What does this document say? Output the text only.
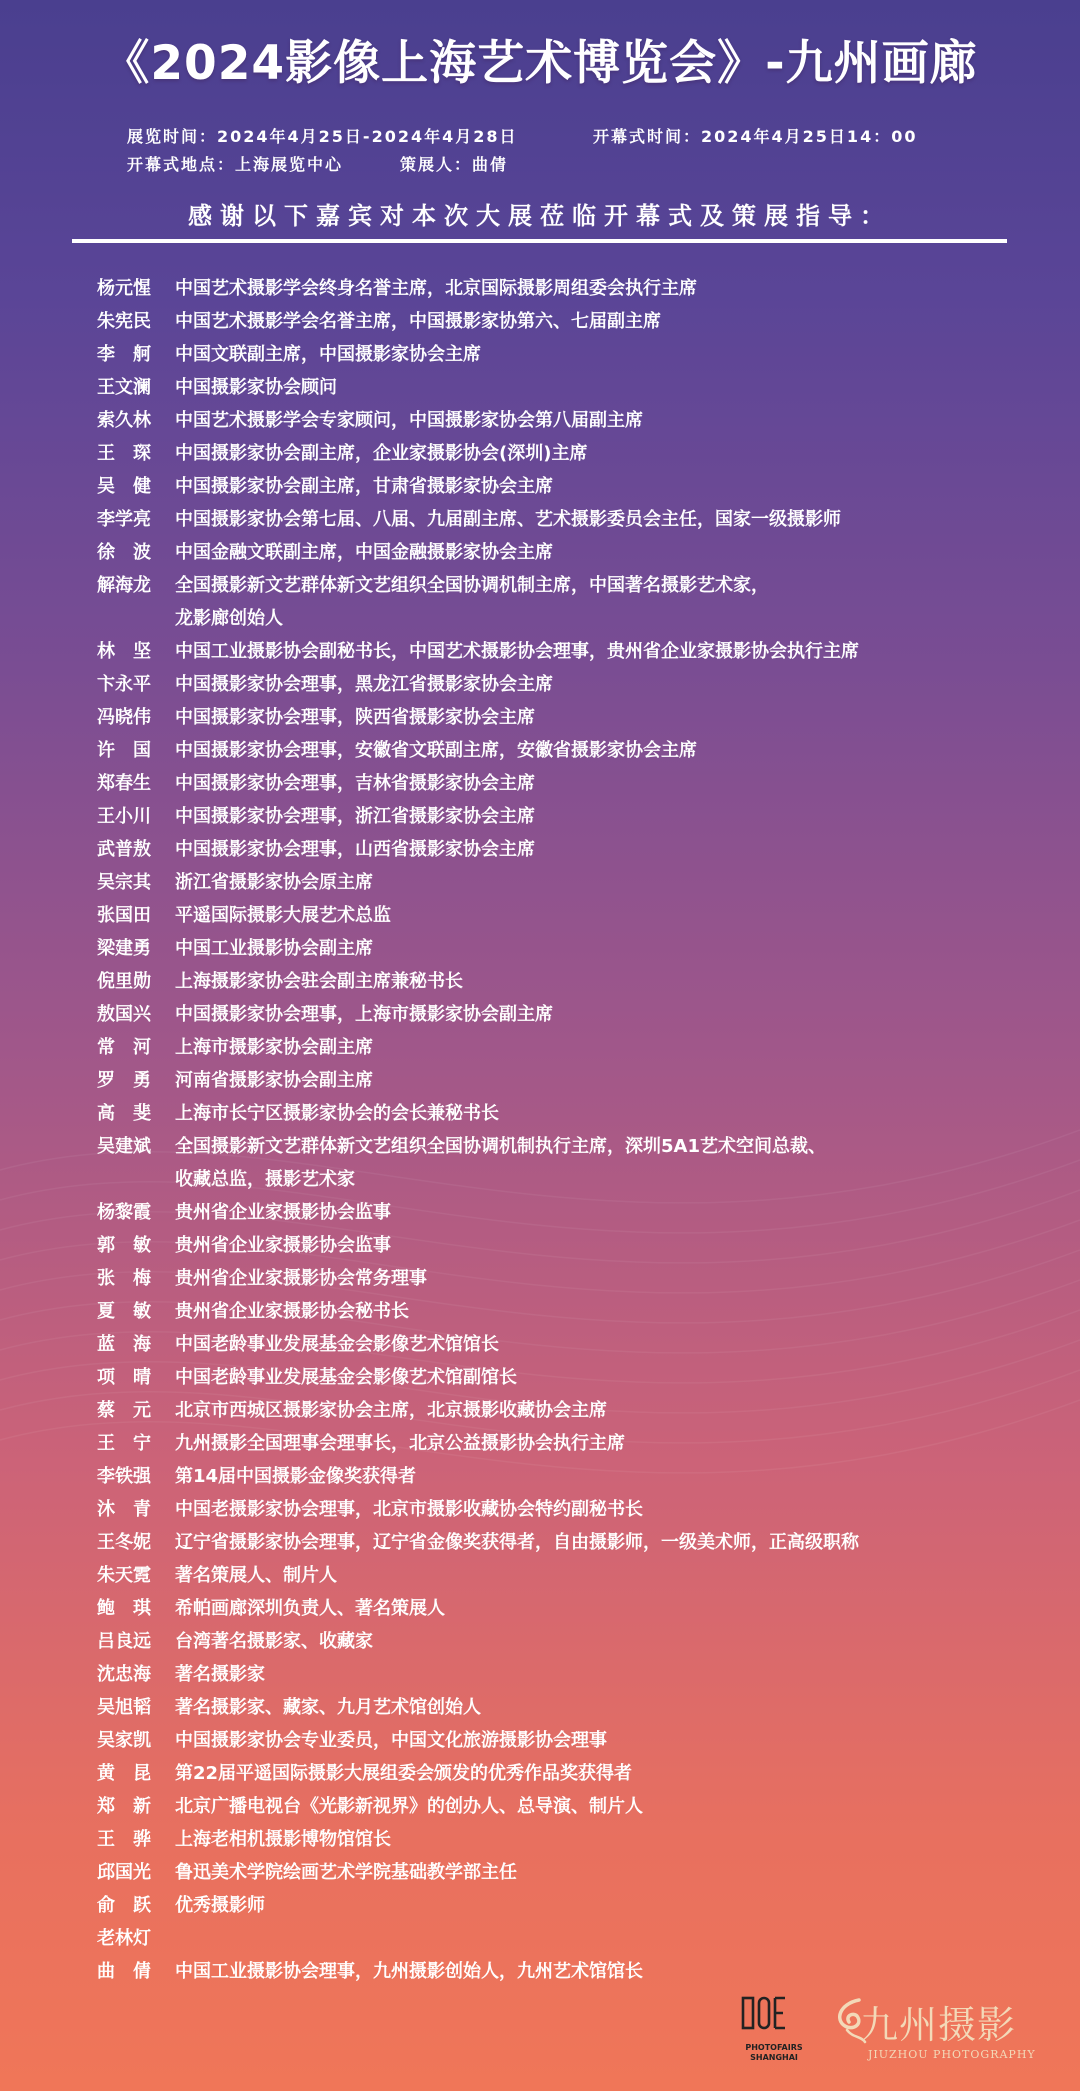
《2024影像上海艺术博览会》-九州画廊
展览时间：2024年4月25日-2024年4月28日	开幕式时间：2024年4月25日14：00
开幕式地点：上海展览中心	策展人：曲倩
感谢以下嘉宾对本次大展莅临开幕式及策展指导：
杨元惺	中国艺术摄影学会终身名誉主席，北京国际摄影周组委会执行主席
朱宪民	中国艺术摄影学会名誉主席，中国摄影家协第六、七届副主席
李　舸	中国文联副主席，中国摄影家协会主席
王文澜	中国摄影家协会顾问
索久林	中国艺术摄影学会专家顾问，中国摄影家协会第八届副主席
王　琛	中国摄影家协会副主席，企业家摄影协会(深圳)主席
吴　健	中国摄影家协会副主席，甘肃省摄影家协会主席
李学亮	中国摄影家协会第七届、八届、九届副主席、艺术摄影委员会主任，国家一级摄影师
徐　波	中国金融文联副主席，中国金融摄影家协会主席
解海龙	全国摄影新文艺群体新文艺组织全国协调机制主席，中国著名摄影艺术家，
龙影廊创始人
林　坚	中国工业摄影协会副秘书长，中国艺术摄影协会理事，贵州省企业家摄影协会执行主席
卞永平	中国摄影家协会理事，黑龙江省摄影家协会主席
冯晓伟	中国摄影家协会理事，陕西省摄影家协会主席
许　国	中国摄影家协会理事，安徽省文联副主席，安徽省摄影家协会主席
郑春生	中国摄影家协会理事，吉林省摄影家协会主席
王小川	中国摄影家协会理事，浙江省摄影家协会主席
武普敖	中国摄影家协会理事，山西省摄影家协会主席
吴宗其	浙江省摄影家协会原主席
张国田	平遥国际摄影大展艺术总监
梁建勇	中国工业摄影协会副主席
倪里勋	上海摄影家协会驻会副主席兼秘书长
敖国兴	中国摄影家协会理事，上海市摄影家协会副主席
常　河	上海市摄影家协会副主席
罗　勇	河南省摄影家协会副主席
高　斐	上海市长宁区摄影家协会的会长兼秘书长
吴建斌	全国摄影新文艺群体新文艺组织全国协调机制执行主席，深圳5A1艺术空间总裁、
收藏总监，摄影艺术家
杨黎霞	贵州省企业家摄影协会监事
郭　敏	贵州省企业家摄影协会监事
张　梅	贵州省企业家摄影协会常务理事
夏　敏	贵州省企业家摄影协会秘书长
蓝　海	中国老龄事业发展基金会影像艺术馆馆长
项　晴	中国老龄事业发展基金会影像艺术馆副馆长
蔡　元	北京市西城区摄影家协会主席，北京摄影收藏协会主席
王　宁	九州摄影全国理事会理事长，北京公益摄影协会执行主席
李铁强	第14届中国摄影金像奖获得者
沐　青	中国老摄影家协会理事，北京市摄影收藏协会特约副秘书长
王冬妮	辽宁省摄影家协会理事，辽宁省金像奖获得者，自由摄影师，一级美术师，正高级职称
朱天霓	著名策展人、制片人
鲍　琪	希帕画廊深圳负责人、著名策展人
吕良远	台湾著名摄影家、收藏家
沈忠海	著名摄影家
吴旭韬	著名摄影家、藏家、九月艺术馆创始人
吴家凯	中国摄影家协会专业委员，中国文化旅游摄影协会理事
黄　昆	第22届平遥国际摄影大展组委会颁发的优秀作品奖获得者
郑　新	北京广播电视台《光影新视界》的创办人、总导演、制片人
王　骅	上海老相机摄影博物馆馆长
邱国光	鲁迅美术学院绘画艺术学院基础教学部主任
俞　跃	优秀摄影师
老林灯
曲　倩	中国工业摄影协会理事，九州摄影创始人，九州艺术馆馆长
PHOTOFAIRS
SHANGHAI
九州摄影
JIUZHOU PHOTOGRAPHY
